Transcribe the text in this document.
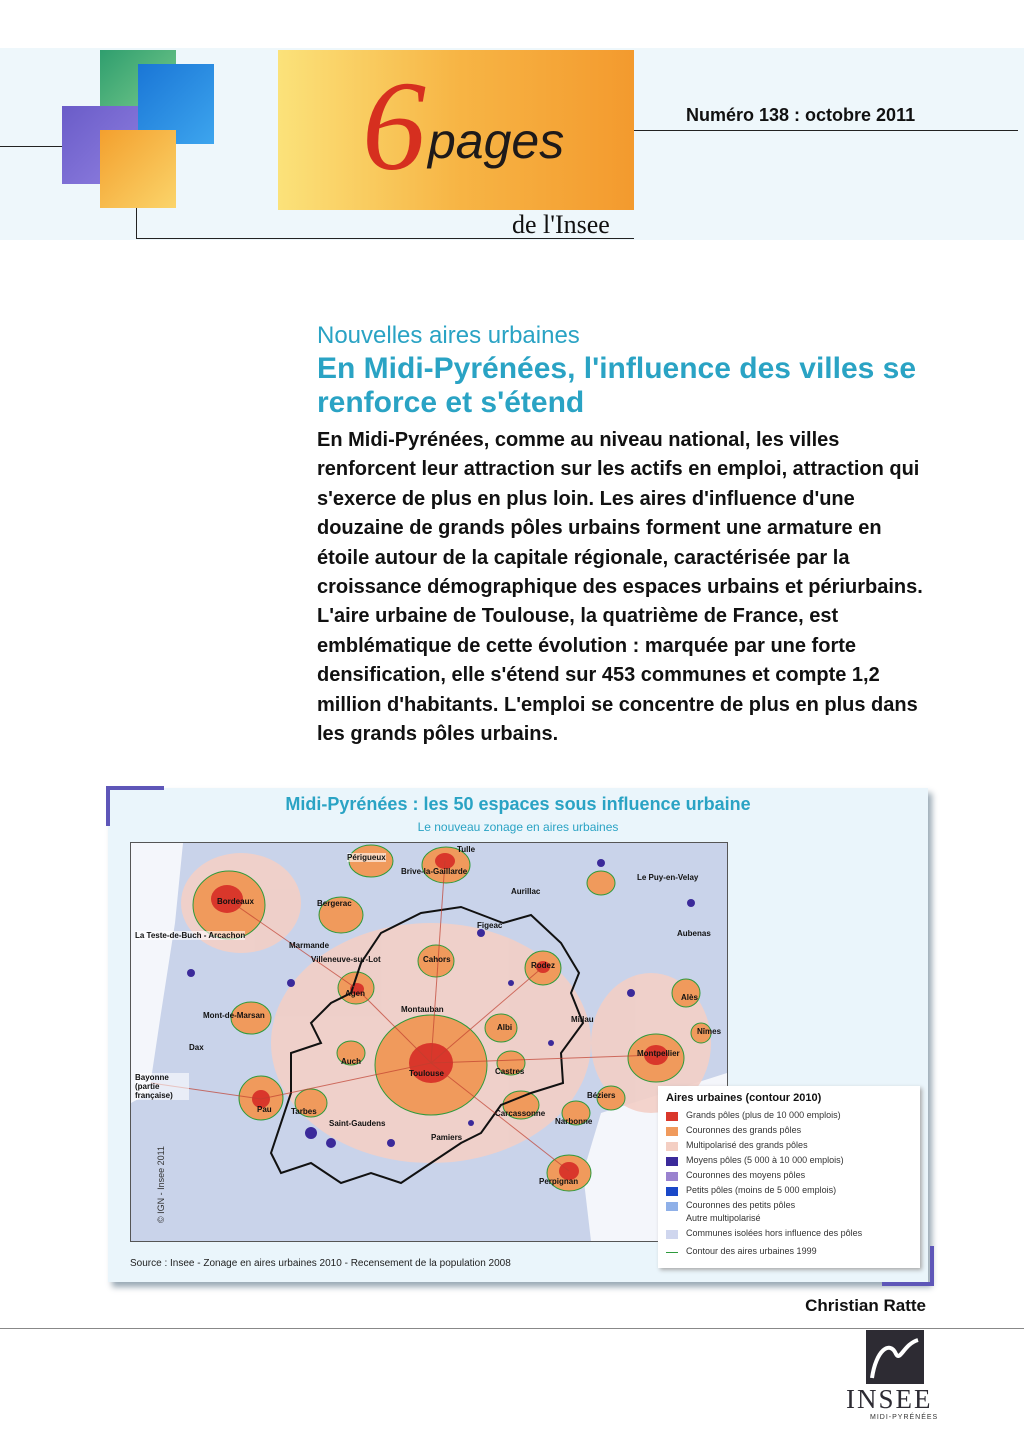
6 pages
de l'Insee
Numéro 138 : octobre 2011
Nouvelles aires urbaines
En Midi-Pyrénées, l'influence des villes se renforce et s'étend
En Midi-Pyrénées, comme au niveau national, les villes renforcent leur attraction sur les actifs en emploi, attraction qui s'exerce de plus en plus loin. Les aires d'influence d'une douzaine de grands pôles urbains forment une armature en étoile autour de la capitale régionale, caractérisée par la croissance démographique des espaces urbains et périurbains. L'aire urbaine de Toulouse, la quatrième de France, est emblématique de cette évolution : marquée par une forte densification, elle s'étend sur 453 communes et compte 1,2 million d'habitants. L'emploi se concentre de plus en plus dans les grands pôles urbains.
Midi-Pyrénées : les 50 espaces sous influence urbaine
Le nouveau zonage en aires urbaines
© IGN - Insee 2011
Périgueux
Tulle
Brive-la-Gaillarde
Aurillac
Le Puy-en-Velay
Bordeaux	Bergerac
La Teste-de-Buch - Arcachon
Marmande
Villeneuve-sur-Lot	Cahors
Figeac
Rodez
Aubenas
Agen
Millau
Mont-de-Marsan
Montauban
Albi
Alès
Dax
Nîmes
Auch
Montpellier
Bayonne (partie française)
Toulouse	Castres
Pau Tarbes	Carcassonne
Béziers
Saint-Gaudens
Pamiers
Narbonne
Perpignan
Source : Insee - Zonage en aires urbaines 2010 - Recensement de la population 2008
Aires urbaines (contour 2010)
Grands pôles (plus de 10 000 emplois)
Couronnes des grands pôles
Multipolarisé des grands pôles
Moyens pôles (5 000 à 10 000 emplois)
Couronnes des moyens pôles
Petits pôles (moins de 5 000 emplois)
Couronnes des petits pôles
Autre multipolarisé
Communes isolées hors influence des pôles
Contour des aires urbaines 1999
Christian Ratte
INSEE
MIDI-PYRÉNÉES
